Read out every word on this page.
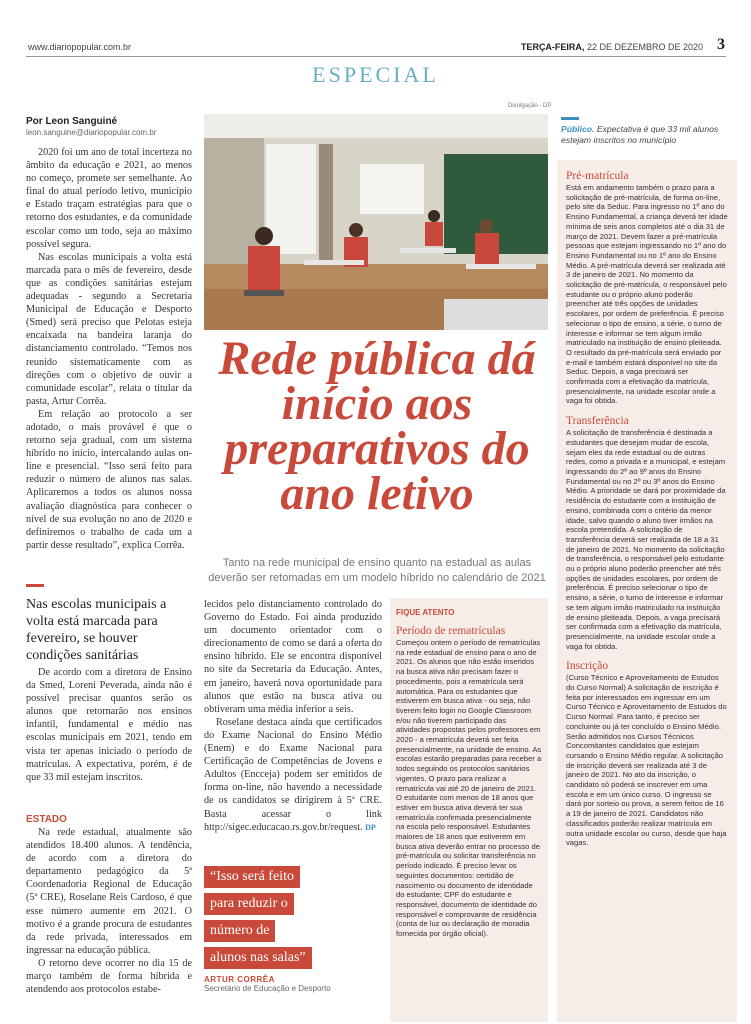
www.diariopopular.com.br	TERÇA-FEIRA, 22 DE DEZEMBRO DE 2020 3
ESPECIAL
Por Leon Sanguiné
leon.sanguine@diariopopular.com.br

2020 foi um ano de total incerteza no âmbito da educação e 2021, ao menos no começo, promete ser semelhante. Ao final do atual período letivo, município e Estado traçam estratégias para que o retorno dos estudantes, e da comunidade escolar como um todo, seja ao máximo possível segura.

Nas escolas municipais a volta está marcada para o mês de fevereiro, desde que as condições sanitárias estejam adequadas - segundo a Secretaria Municipal de Educação e Desporto (Smed) será preciso que Pelotas esteja encaixada na bandeira laranja do distanciamento controlado. “Temos nos reunido sistematicamente com as direções com o objetivo de ouvir a comunidade escolar”, relata o titular da pasta, Artur Corrêa.

Em relação ao protocolo a ser adotado, o mais provável é que o retorno seja gradual, com um sistema híbrido no início, intercalando aulas on-line e presencial. “Isso será feito para reduzir o número de alunos nas salas. Aplicaremos a todos os alunos nossa avaliação diagnóstica para conhecer o nível de sua evolução no ano de 2020 e definiremos o trabalho de cada um a partir desse resultado”, explica Corrêa.

Nas escolas municipais a volta está marcada para fevereiro, se houver condições sanitárias

De acordo com a diretora de Ensino da Smed, Loreni Peverada, ainda não é possível precisar quantos serão os alunos que retornarão nos ensinos infantil, fundamental e médio nas escolas municipais em 2021, tendo em vista ter apenas iniciado o período de matrículas. A expectativa, porém, é de que 33 mil estejam inscritos.

ESTADO

Na rede estadual, atualmente são atendidos 18.400 alunos. A tendência, de acordo com a diretora do departamento pedagógico da 5ª Coordenadoria Regional de Educação (5ª CRE), Roselane Reis Cardoso, é que esse número aumente em 2021. O motivo é a grande procura de estudantes da rede privada, interessados em ingressar na educação pública.

O retorno deve ocorrer no dia 15 de março também de forma híbrida e atendendo aos protocolos estabe-

Divulgação - DP
Rede pública dá início aos preparativos do ano letivo
Tanto na rede municipal de ensino quanto na estadual as aulas deverão ser retomadas em um modelo híbrido no calendário de 2021

lecidos pelo distanciamento controlado do Governo do Estado. Foi ainda produzido um documento orientador com o direcionamento de como se dará a oferta do ensino híbrido. Ele se encontra disponível no site da Secretaria da Educação. Antes, em janeiro, haverá nova oportunidade para alunos que estão na busca ativa ou obtiveram uma média inferior a seis.

Roselane destaca ainda que certificados do Exame Nacional do Ensino Médio (Enem) e do Exame Nacional para Certificação de Competências de Jovens e Adultos (Encceja) podem ser emitidos de forma on-line, não havendo a necessidade de os candidatos se dirigirem à 5ª CRE. Basta acessar o link http://sigec.educacao.rs.gov.br/request. DP

“Isso será feito
para reduzir o
número de
alunos nas salas”
ARTUR CORRÊA
Secretário de Educação e Desporto
FIQUE ATENTO
Período de rematrículas
Começou ontem o período de rematrículas na rede estadual de ensino para o ano de 2021. Os alunos que não estão inseridos na busca ativa não precisam fazer o procedimento, pois a rematrícula será automática. Para os estudantes que estiverem em busca ativa - ou seja, não tiverem feito login no Google Classroom e/ou não tiverem participado das atividades propostas pelos professores em 2020 - a rematrícula deverá ser feita presencialmente, na unidade de ensino. As escolas estarão preparadas para receber a todos seguindo os protocolos sanitários vigentes. O prazo para realizar a rematrícula vai até 20 de janeiro de 2021. O estudante com menos de 18 anos que estiver em busca ativa deverá ter sua rematrícula confirmada presencialmente na escola pelo responsável. Estudantes maiores de 18 anos que estiverem em busca ativa deverão entrar no processo de pré-matrícula ou solicitar transferência no período indicado. É preciso levar os seguintes documentos: certidão de nascimento ou documento de identidade do estudante; CPF do estudante e responsável, documento de identidade do responsável e comprovante de residência (conta de luz ou declaração de moradia fornecida por órgão oficial).
Público. Expectativa é que 33 mil alunos estejam inscritos no município
Pré-matrícula
Está em andamento também o prazo para a solicitação de pré-matrícula, de forma on-line, pelo site da Seduc. Para ingresso no 1º ano do Ensino Fundamental, a criança deverá ter idade mínima de seis anos completos até o dia 31 de março de 2021. Devem fazer a pré-matrícula pessoas que estejam ingressando no 1º ano do Ensino Fundamental ou no 1º ano do Ensino Médio. A pré-matrícula deverá ser realizada até 3 de janeiro de 2021. No momento da solicitação de pré-matrícula, o responsável pelo estudante ou o próprio aluno poderão preencher até três opções de unidades escolares, por ordem de preferência. É preciso selecionar o tipo de ensino, a série, o turno de interesse e informar se tem algum irmão matriculado na instituição de ensino pleiteada. O resultado da pré-matrícula será enviado por e-mail e também estará disponível no site da Seduc. Depois, a vaga precisará ser confirmada com a efetivação da matrícula, presencialmente, na unidade escolar onde a vaga foi obtida.
Transferência
A solicitação de transferência é destinada a estudantes que desejam mudar de escola, sejam eles da rede estadual ou de outras redes, como a privada e a municipal, e estejam ingressando do 2º ao 9º anos do Ensino Fundamental ou no 2º ou 3º anos do Ensino Médio. A prioridade se dará por proximidade da residência do estudante com a instituição de ensino, combinada com o critério da menor idade, salvo quando o aluno tiver irmãos na escola pretendida. A solicitação de transferência deverá ser realizada de 18 a 31 de janeiro de 2021. No momento da solicitação de transferência, o responsável pelo estudante ou o próprio aluno poderão preencher até três opções de unidades escolares, por ordem de preferência. É preciso selecionar o tipo de ensino, a série, o turno de interesse e informar se tem algum irmão matriculado na instituição de ensino pleiteada. Depois, a vaga precisará ser confirmada com a efetivação da matrícula, presencialmente, na unidade escolar onde a vaga foi obtida.
Inscrição
(Curso Técnico e Aproveitamento de Estudos do Curso Normal) A solicitação de inscrição é feita por interessados em ingressar em um Curso Técnico e Aproveitamento de Estudos do Curso Normal. Para tanto, é preciso ser concluinte ou já ter concluído o Ensino Médio. Serão admitidos nos Cursos Técnicos Concomitantes candidatos que estejam cursando o Ensino Médio regular. A solicitação de inscrição deverá ser realizada até 3 de janeiro de 2021. No ato da inscrição, o candidato só poderá se inscrever em uma escola e em um único curso. O ingresso se dará por sorteio ou prova, a serem feitos de 16 a 19 de janeiro de 2021. Candidatos não classificados poderão realizar matrícula em outra unidade escolar ou curso, desde que haja vagas.
